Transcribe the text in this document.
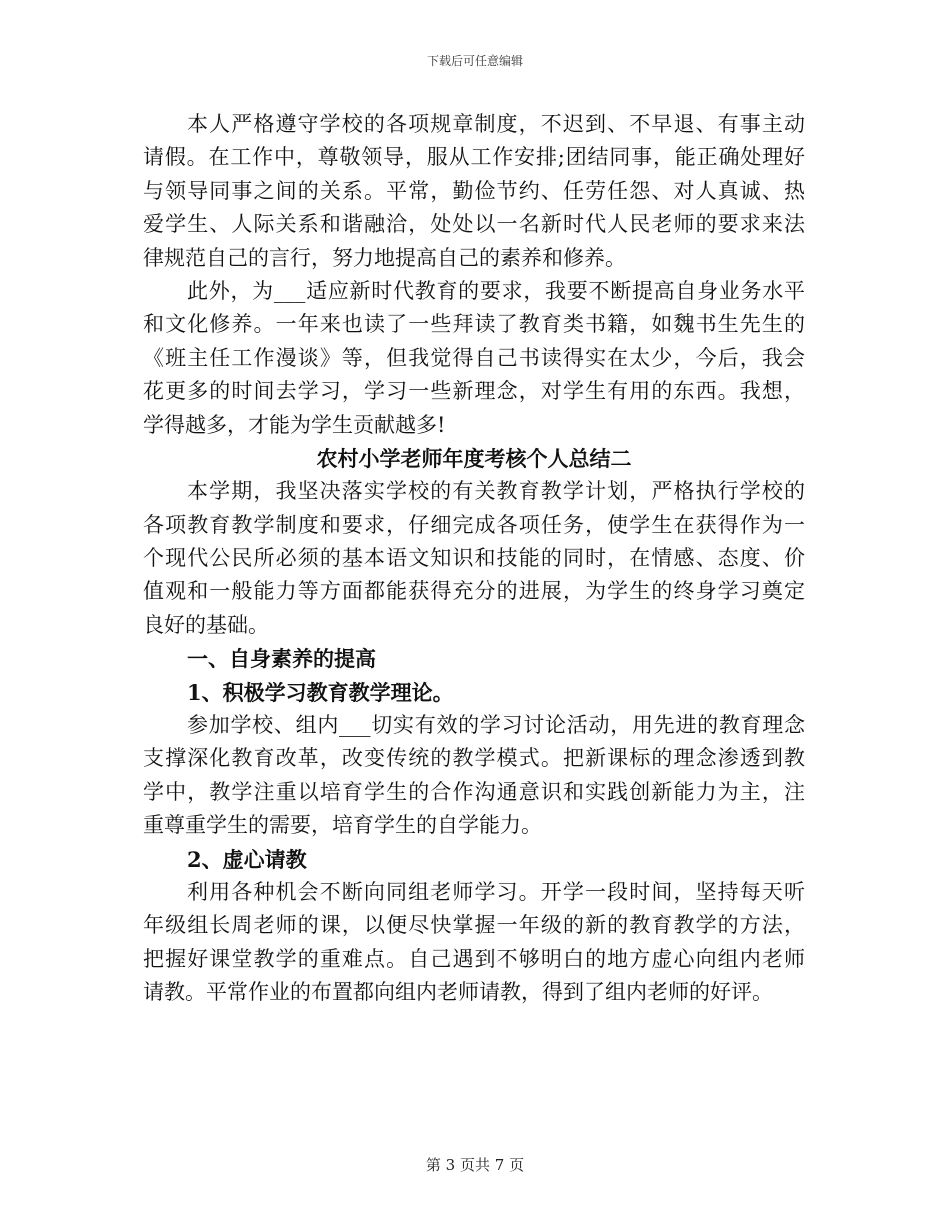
下载后可任意编辑
本人严格遵守学校的各项规章制度，不迟到、不早退、有事主动
请假。在工作中，尊敬领导，服从工作安排;团结同事，能正确处理好
与领导同事之间的关系。平常，勤俭节约、任劳任怨、对人真诚、热
爱学生、人际关系和谐融洽，处处以一名新时代人民老师的要求来法
律规范自己的言行，努力地提高自己的素养和修养。
此外，为___适应新时代教育的要求，我要不断提高自身业务水平
和文化修养。一年来也读了一些拜读了教育类书籍，如魏书生先生的
《班主任工作漫谈》等，但我觉得自己书读得实在太少，今后，我会
花更多的时间去学习，学习一些新理念，对学生有用的东西。我想，
学得越多，才能为学生贡献越多!
农村小学老师年度考核个人总结二
本学期，我坚决落实学校的有关教育教学计划，严格执行学校的
各项教育教学制度和要求，仔细完成各项任务，使学生在获得作为一
个现代公民所必须的基本语文知识和技能的同时，在情感、态度、价
值观和一般能力等方面都能获得充分的进展，为学生的终身学习奠定
良好的基础。
一、自身素养的提高
1、积极学习教育教学理论。
参加学校、组内___切实有效的学习讨论活动，用先进的教育理念
支撑深化教育改革，改变传统的教学模式。把新课标的理念渗透到教
学中，教学注重以培育学生的合作沟通意识和实践创新能力为主，注
重尊重学生的需要，培育学生的自学能力。
2、虚心请教
利用各种机会不断向同组老师学习。开学一段时间，坚持每天听
年级组长周老师的课，以便尽快掌握一年级的新的教育教学的方法，
把握好课堂教学的重难点。自己遇到不够明白的地方虚心向组内老师
请教。平常作业的布置都向组内老师请教，得到了组内老师的好评。
第 3 页共 7 页
